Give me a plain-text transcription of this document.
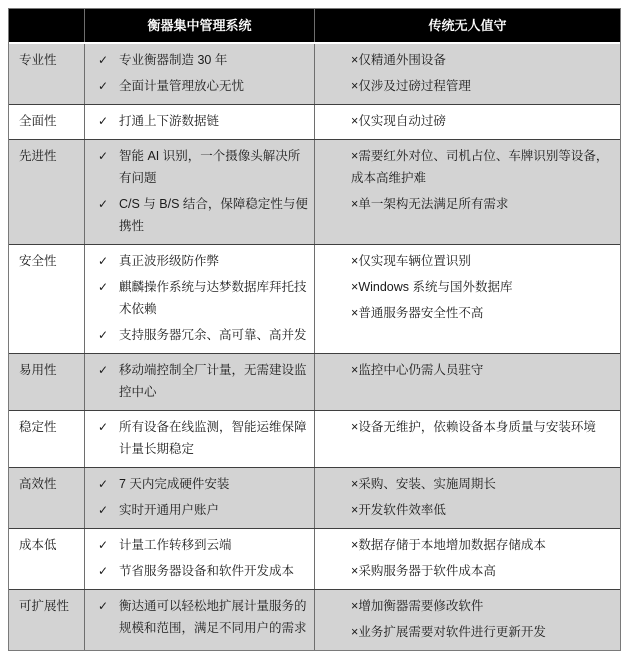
衡器集中管理系统	传统无人值守
专业性	✓ 专业衡器制造 30 年
✓ 全面计量管理放心无忧
×仅精通外围设备
×仅涉及过磅过程管理
全面性	✓ 打通上下游数据链	×仅实现自动过磅
先进性	✓ 智能 AI 识别，一个摄像头解决所有问题
✓ C/S 与 B/S 结合，保障稳定性与便携性
×需要红外对位、司机占位、车牌识别等设备，成本高维护难
×单一架构无法满足所有需求
安全性	✓ 真正波形级防作弊
✓ 麒麟操作系统与达梦数据库拜托技术依赖
✓ 支持服务器冗余、高可靠、高并发
×仅实现车辆位置识别
×Windows 系统与国外数据库
×普通服务器安全性不高
易用性	✓ 移动端控制全厂计量，无需建设监控中心
×监控中心仍需人员驻守
稳定性	✓ 所有设备在线监测，智能运维保障计量长期稳定
×设备无维护，依赖设备本身质量与安装环境
高效性	✓ 7 天内完成硬件安装
✓ 实时开通用户账户
×采购、安装、实施周期长
×开发软件效率低
成本低	✓ 计量工作转移到云端
✓ 节省服务器设备和软件开发成本
×数据存储于本地增加数据存储成本
×采购服务器于软件成本高
可扩展性	✓ 衡达通可以轻松地扩展计量服务的规模和范围，满足不同用户的需求
×增加衡器需要修改软件
×业务扩展需要对软件进行更新开发
